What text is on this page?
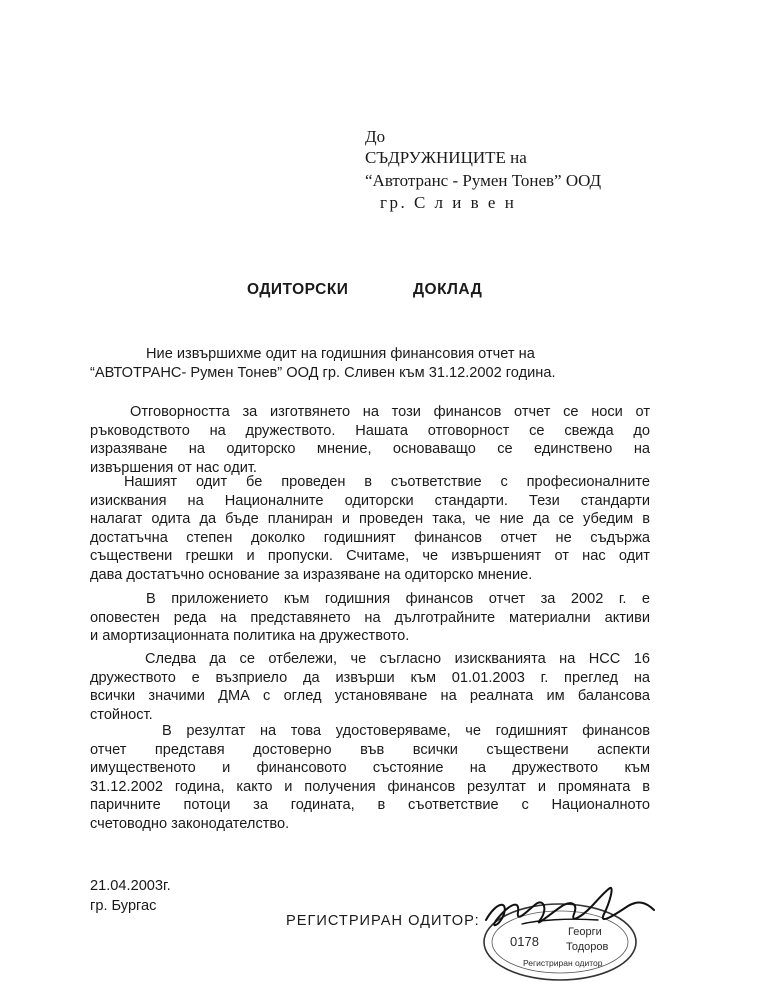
До
СЪДРУЖНИЦИТЕ на
“Автотранс - Румен Тонев” ООД
гр. С л и в е н
ОДИТОРСКИ	ДОКЛАД

Ние извършихме одит на годишния финансовия отчет на
“АВТОТРАНС- Румен Тонев” ООД гр. Сливен към 31.12.2002 година.

Отговорността за изготвянето на този финансов отчет се носи от
ръководството на дружеството. Нашата отговорност се свежда до
изразяване на одиторско мнение, основаващо се единствено на
извършения от нас одит.

Нашият одит бе проведен в съответствие с професионалните
изисквания на Националните одиторски стандарти. Тези стандарти
налагат одита да бъде планиран и проведен така, че ние да се убедим в
достатъчна степен доколко годишният финансов отчет не съдържа
съществени грешки и пропуски. Считаме, че извършеният от нас одит
дава достатъчно основание за изразяване на одиторско мнение.

В приложението към годишния финансов отчет за 2002 г. е
оповестен реда на представянето на дълготрайните материални активи
и амортизационната политика на дружеството.

Следва да се отбележи, че съгласно изискванията на НСС 16
дружеството е възприело да извърши към 01.01.2003 г. преглед на
всички значими ДМА с оглед установяване на реалната им балансова
стойност.

В резултат на това удостоверяваме, че годишният финансов
отчет представя достоверно във всички съществени аспекти
имущественото и финансовото състояние на дружеството към
31.12.2002 година, както и получения финансов резултат и промяната в
паричните потоци за годината, в съответствие с Националното
счетоводно законодателство.

21.04.2003г.
гр. Бургас
РЕГИСТРИРАН ОДИТОР:
0178
Георги
Тодоров
Регистриран одитор
